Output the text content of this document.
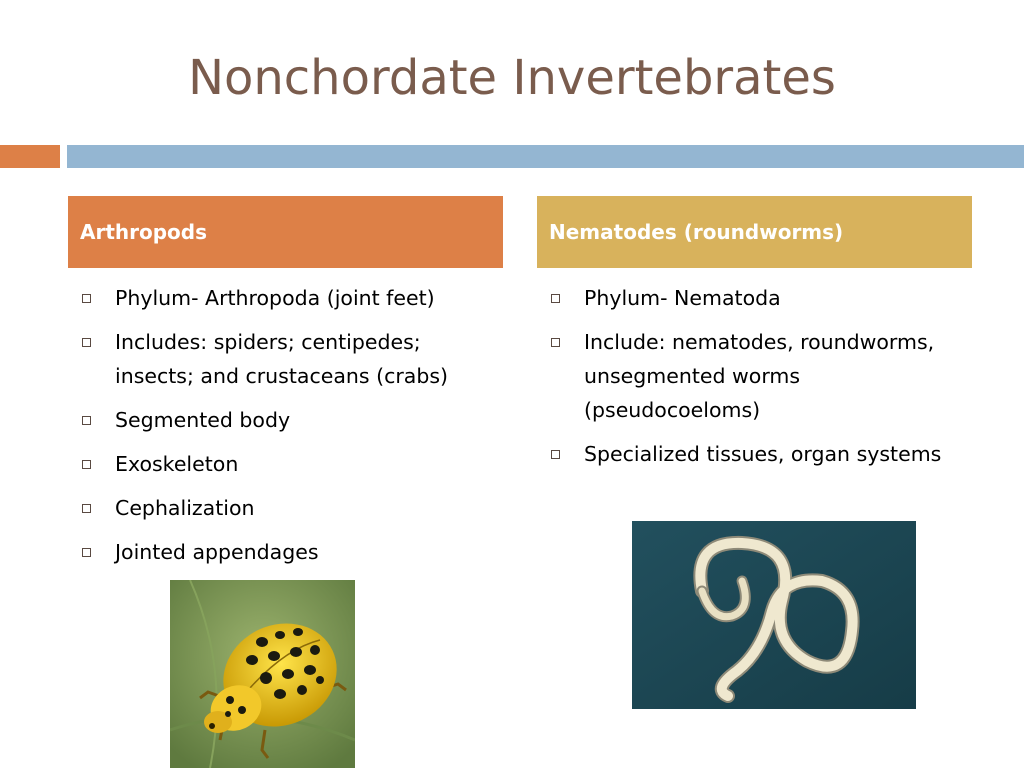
Nonchordate Invertebrates
Arthropods	Nematodes (roundworms)
Phylum- Arthropoda (joint feet)
Includes: spiders; centipedes; insects; and crustaceans (crabs)
Segmented body
Exoskeleton
Cephalization
Jointed appendages
Phylum- Nematoda
Include: nematodes, roundworms, unsegmented worms (pseudocoeloms)
Specialized tissues, organ systems
